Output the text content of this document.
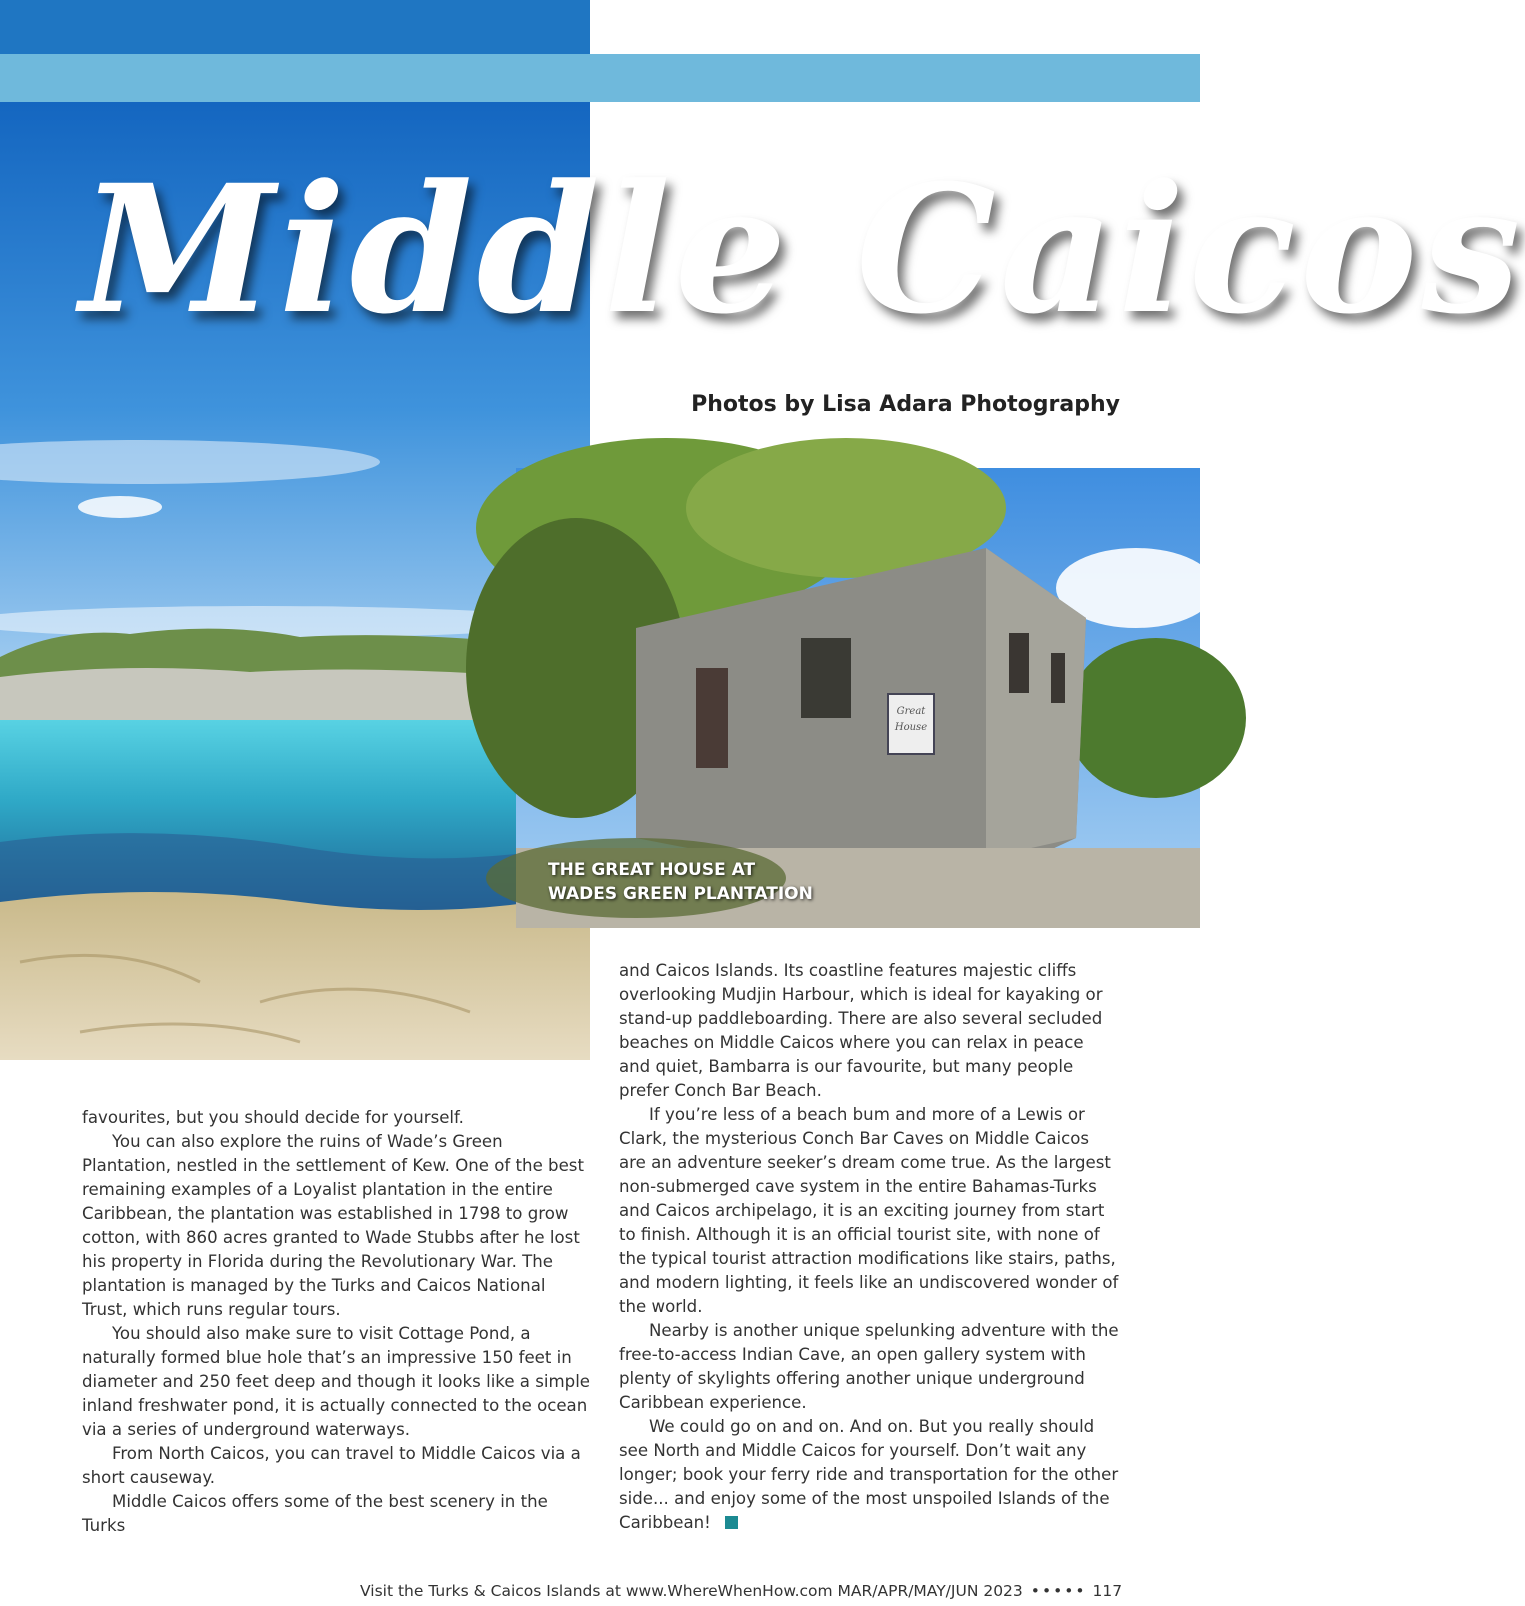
Middle Caicos
Photos by Lisa Adara Photography
Great
House
THE GREAT HOUSE AT
WADES GREEN PLANTATION

favourites, but you should decide for yourself.

You can also explore the ruins of Wade’s Green Plantation, nestled in the settlement of Kew. One of the best remaining examples of a Loyalist plantation in the entire Caribbean, the plantation was established in 1798 to grow cotton, with 860 acres granted to Wade Stubbs after he lost his property in Florida during the Revolutionary War. The plantation is managed by the Turks and Caicos National Trust, which runs regular tours.

You should also make sure to visit Cottage Pond, a naturally formed blue hole that’s an impressive 150 feet in diameter and 250 feet deep and though it looks like a simple inland freshwater pond, it is actually connected to the ocean via a series of underground waterways.

From North Caicos, you can travel to Middle Caicos via a short causeway.

Middle Caicos offers some of the best scenery in the Turks

and Caicos Islands. Its coastline features majestic cliffs overlooking Mudjin Harbour, which is ideal for kayaking or stand-up paddleboarding. There are also several secluded beaches on Middle Caicos where you can relax in peace and quiet, Bambarra is our favourite, but many people prefer Conch Bar Beach.

If you’re less of a beach bum and more of a Lewis or Clark, the mysterious Conch Bar Caves on Middle Caicos are an adventure seeker’s dream come true. As the largest non-submerged cave system in the entire Bahamas-Turks and Caicos archipelago, it is an exciting journey from start to finish. Although it is an official tourist site, with none of the typical tourist attraction modifications like stairs, paths, and modern lighting, it feels like an undiscovered wonder of the world.

Nearby is another unique spelunking adventure with the free-to-access Indian Cave, an open gallery system with plenty of skylights offering another unique underground Caribbean experience.

We could go on and on. And on. But you really should see North and Middle Caicos for yourself. Don’t wait any longer; book your ferry ride and transportation for the other side... and enjoy some of the most unspoiled Islands of the Caribbean!

Visit the Turks & Caicos Islands at www.WhereWhenHow.com MAR/APR/MAY/JUN 2023 ••••• 117
